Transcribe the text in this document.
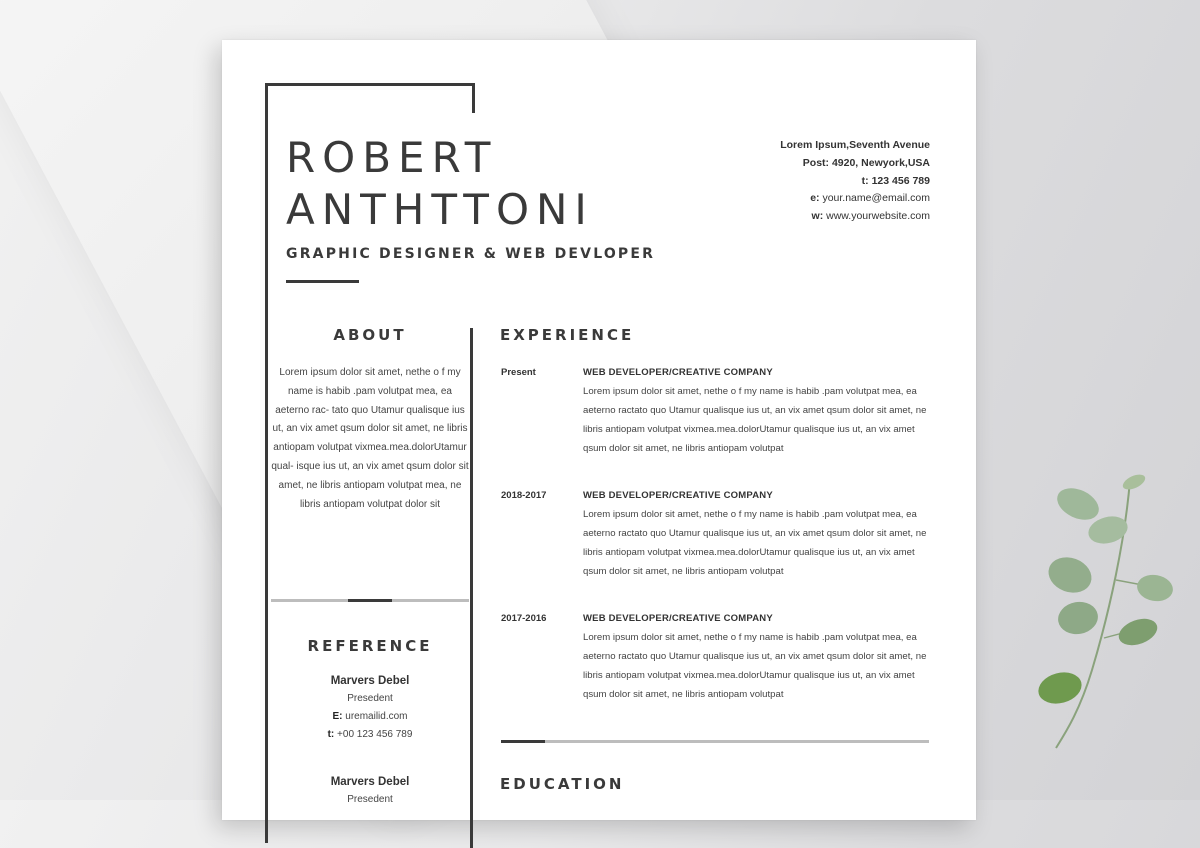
ROBERT
ANTHTTONI
GRAPHIC DESIGNER & WEB DEVLOPER
Lorem Ipsum,Seventh Avenue
Post: 4920, Newyork,USA
t: 123 456 789
e: your.name@email.com
w: www.yourwebsite.com
ABOUT

Lorem ipsum dolor sit amet, nethe o f my name is habib .pam volutpat mea, ea aeterno rac- tato quo Utamur qualisque ius ut, an vix amet qsum dolor sit amet, ne libris antiopam volutpat vixmea.mea.dolorUtamur qual- isque ius ut, an vix amet qsum dolor sit amet, ne libris antiopam volutpat mea, ne libris antiopam volutpat dolor sit

REFERENCE
Marvers Debel
Presedent
E: uremailid.com
t: +00 123 456 789
Marvers Debel
Presedent
EXPERIENCE
Present	WEB DEVELOPER/CREATIVE COMPANY

Lorem ipsum dolor sit amet, nethe o f my name is habib .pam volutpat mea, ea aeterno ractato quo Utamur qualisque ius ut, an vix amet qsum dolor sit amet, ne libris antiopam volutpat vixmea.mea.dolorUtamur qualisque ius ut, an vix amet qsum dolor sit amet, ne libris antiopam volutpat

2018-2017	WEB DEVELOPER/CREATIVE COMPANY

Lorem ipsum dolor sit amet, nethe o f my name is habib .pam volutpat mea, ea aeterno ractato quo Utamur qualisque ius ut, an vix amet qsum dolor sit amet, ne libris antiopam volutpat vixmea.mea.dolorUtamur qualisque ius ut, an vix amet qsum dolor sit amet, ne libris antiopam volutpat

2017-2016	WEB DEVELOPER/CREATIVE COMPANY

Lorem ipsum dolor sit amet, nethe o f my name is habib .pam volutpat mea, ea aeterno ractato quo Utamur qualisque ius ut, an vix amet qsum dolor sit amet, ne libris antiopam volutpat vixmea.mea.dolorUtamur qualisque ius ut, an vix amet qsum dolor sit amet, ne libris antiopam volutpat

EDUCATION
